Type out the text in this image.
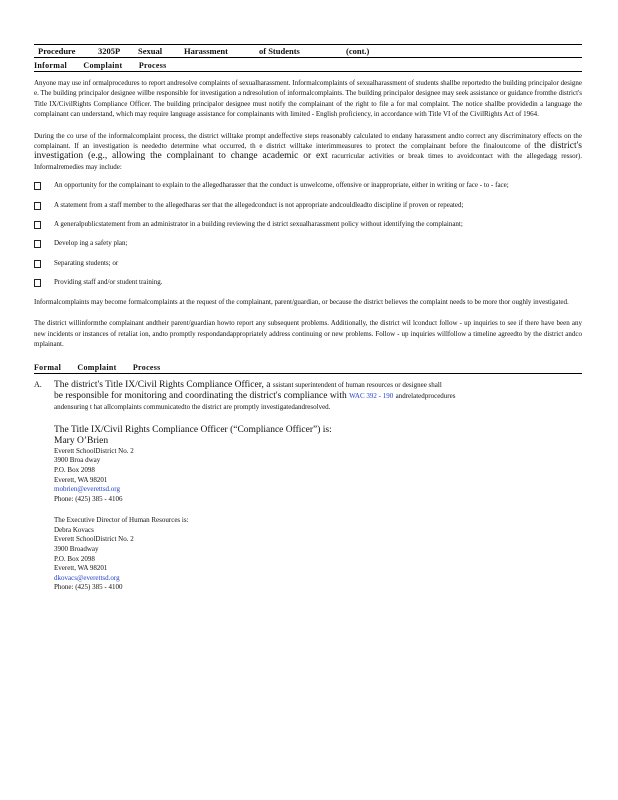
Procedure	3205P Sexual	Harassment	of Students	(cont.)
Informal Complaint Process

Anyone may use inf ormalprocedures to report andresolve complaints of sexualharassment. Informalcomplaints of sexualharassment of students shallbe reportedto the building principalor designe e. The building principalor designee willbe responsible for investigation a ndresolution of informalcomplaints. The building principalor designee may seek assistance or guidance fromthe district's Title IX/CivilRights Compliance Officer. The building principalor designee must notify the complainant of the right to file a for mal complaint. The notice shallbe providedin a language the complainant can understand, which may require language assistance for complainants with limited - English proficiency, in accordance with Title VI of the CivilRights Act of 1964.

During the co urse of the informalcomplaint process, the district willtake prompt andeffective steps reasonably calculated to endany harassment andto correct any discriminatory effects on the complainant. If an investigation is neededto determine what occurred, th e district willtake interimmeasures to protect the complainant before the finaloutcome of the district's investigation (e.g., allowing the complainant to change academic or ext racurricular activities or break times to avoidcontact with the allegedagg ressor). Informalremedies may include:

An opportunity for the complainant to explain to the allegedharasser that the conduct is unwelcome, offensive or inappropriate, either in writing or face - to - face;
A statement from a staff member to the allegedharas ser that the allegedconduct is not appropriate andcouldleadto discipline if proven or repeated;
A generalpublicstatement from an administrator in a building reviewing the d istrict sexualharassment policy without identifying the complainant;
Develop ing a safety plan;
Separating students; or
Providing staff and/or student training.

Informalcomplaints may become formalcomplaints at the request of the complainant, parent/guardian, or because the district believes the complaint needs to be more thor oughly investigated.

The district willinformthe complainant andtheir parent/guardian howto report any subsequent problems. Additionally, the district wil lconduct follow - up inquiries to see if there have been any new incidents or instances of retaliat ion, andto promptly respondandappropriately address continuing or new problems. Follow - up inquiries willfollow a timeline agreedto by the district andco mplainant.

Formal Complaint Process
A. The district's Title IX/Civil Rights Compliance Officer, a ssistant superintendent of human resources or designee shall

be responsible for monitoring and coordinating the district's compliance with WAC 392 - 190 andrelatedprocedures

andensuring t hat allcomplaints communicatedto the district are promptly investigatedandresolved.

The Title IX/Civil Rights Compliance Officer (“Compliance Officer”) is:

Mary O’Brien

Everett SchoolDistrict No. 2

3900 Broa dway

P.O. Box 2098

Everett, WA 98201

mobrien@everettsd.org

Phone: (425) 385 - 4106

The Executive Director of Human Resources is:

Debra Kovacs

Everett SchoolDistrict No. 2

3900 Broadway

P.O. Box 2098

Everett, WA 98201

dkovacs@everettsd.org

Phone: (425) 385 - 4100
